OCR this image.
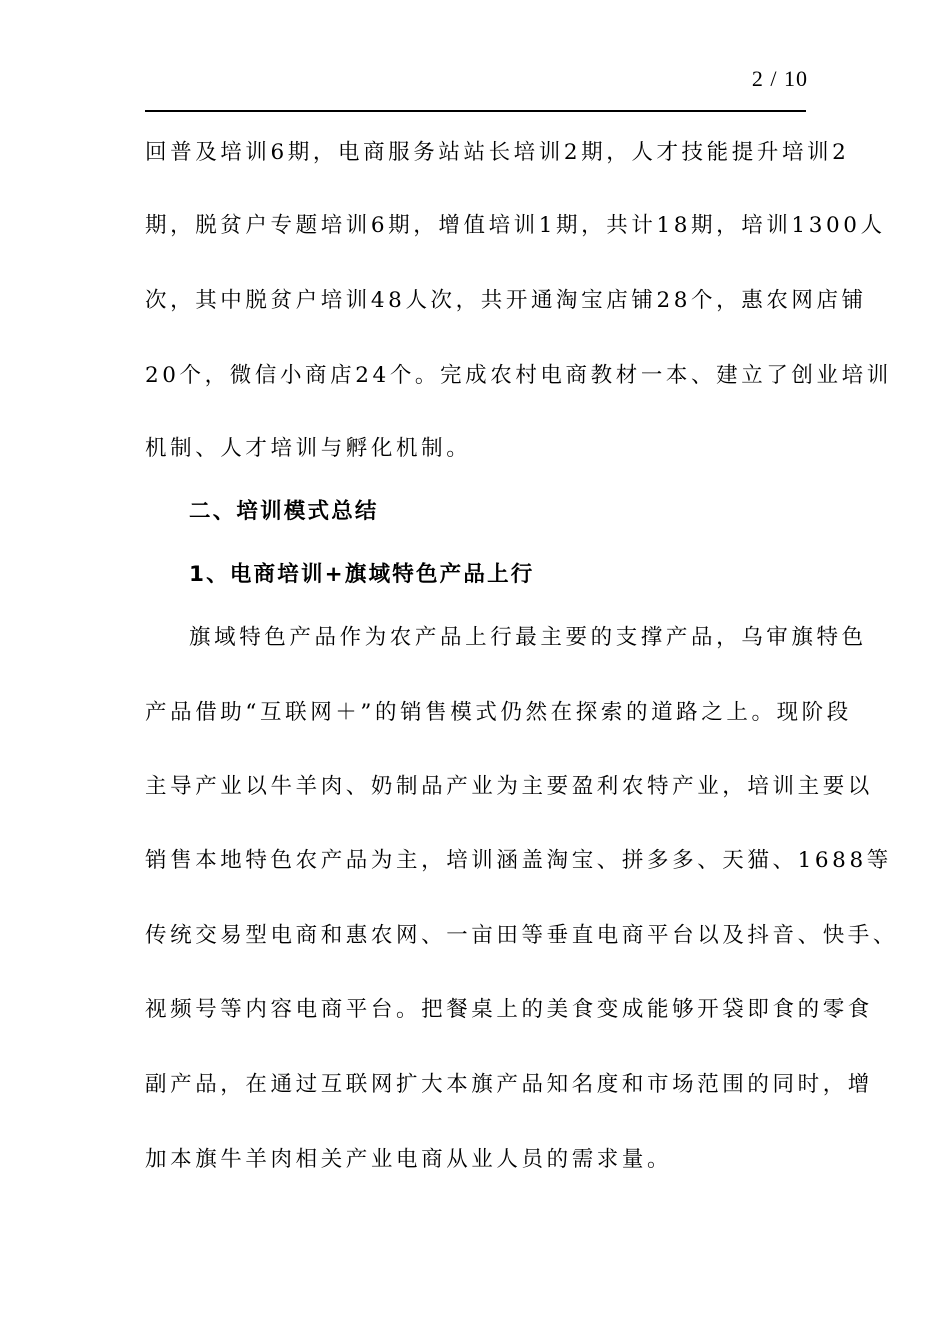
2 / 10
回普及培训6期，电商服务站站长培训2期，人才技能提升培训2
期，脱贫户专题培训6期，增值培训1期，共计18期，培训1300人
次，其中脱贫户培训48人次，共开通淘宝店铺28个，惠农网店铺
20个，微信小商店24个。完成农村电商教材一本、建立了创业培训
机制、人才培训与孵化机制。
二、培训模式总结
1、电商培训+旗域特色产品上行
旗域特色产品作为农产品上行最主要的支撑产品，乌审旗特色
产品借助“互联网＋”的销售模式仍然在探索的道路之上。现阶段
主导产业以牛羊肉、奶制品产业为主要盈利农特产业，培训主要以
销售本地特色农产品为主，培训涵盖淘宝、拼多多、天猫、1688等
传统交易型电商和惠农网、一亩田等垂直电商平台以及抖音、快手、
视频号等内容电商平台。把餐桌上的美食变成能够开袋即食的零食
副产品，在通过互联网扩大本旗产品知名度和市场范围的同时，增
加本旗牛羊肉相关产业电商从业人员的需求量。
